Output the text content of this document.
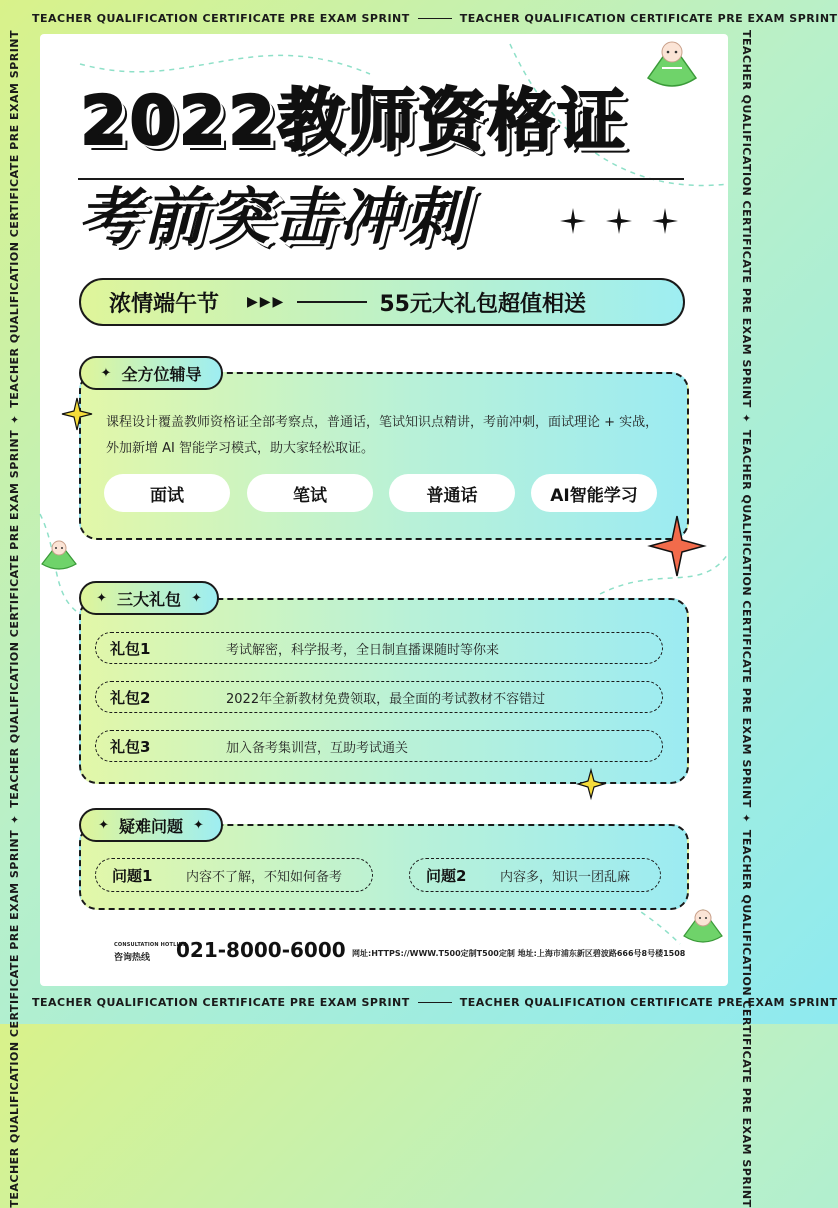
TEACHER QUALIFICATION CERTIFICATE PRE EXAM SPRINT	TEACHER QUALIFICATION CERTIFICATE PRE EXAM SPRINT
TEACHER QUALIFICATION CERTIFICATE PRE EXAM SPRINT	TEACHER QUALIFICATION CERTIFICATE PRE EXAM SPRINT
TEACHER QUALIFICATION CERTIFICATE PRE EXAM SPRINT ✦ TEACHER QUALIFICATION CERTIFICATE PRE EXAM SPRINT ✦ TEACHER QUALIFICATION CERTIFICATE PRE EXAM SPRINT	TEACHER QUALIFICATION CERTIFICATE PRE EXAM SPRINT ✦ TEACHER QUALIFICATION CERTIFICATE PRE EXAM SPRINT ✦ TEACHER QUALIFICATION CERTIFICATE PRE EXAM SPRINT
2022教师资格证
考前突击冲刺
浓情端午节 ▶▶▶	55元大礼包超值相送
✦ 全方位辅导
课程设计覆盖教师资格证全部考察点，普通话，笔试知识点精讲，考前冲刺，面试理论 + 实战，外加新增 AI 智能学习模式，助大家轻松取证。
面试	笔试	普通话	AI智能学习
✦ 三大礼包 ✦
礼包1	考试解密，科学报考，全日制直播课随时等你来
礼包2	2022年全新教材免费领取，最全面的考试教材不容错过
礼包3	加入备考集训营，互助考试通关
✦ 疑难问题 ✦
问题1	内容不了解，不知如何备考	问题2	内容多，知识一团乱麻
CONSULTATION HOTLINE
咨询热线 021-8000-6000 网址:HTTPS://WWW.T500定制T500定制 地址:上海市浦东新区碧波路666号8号楼1508
